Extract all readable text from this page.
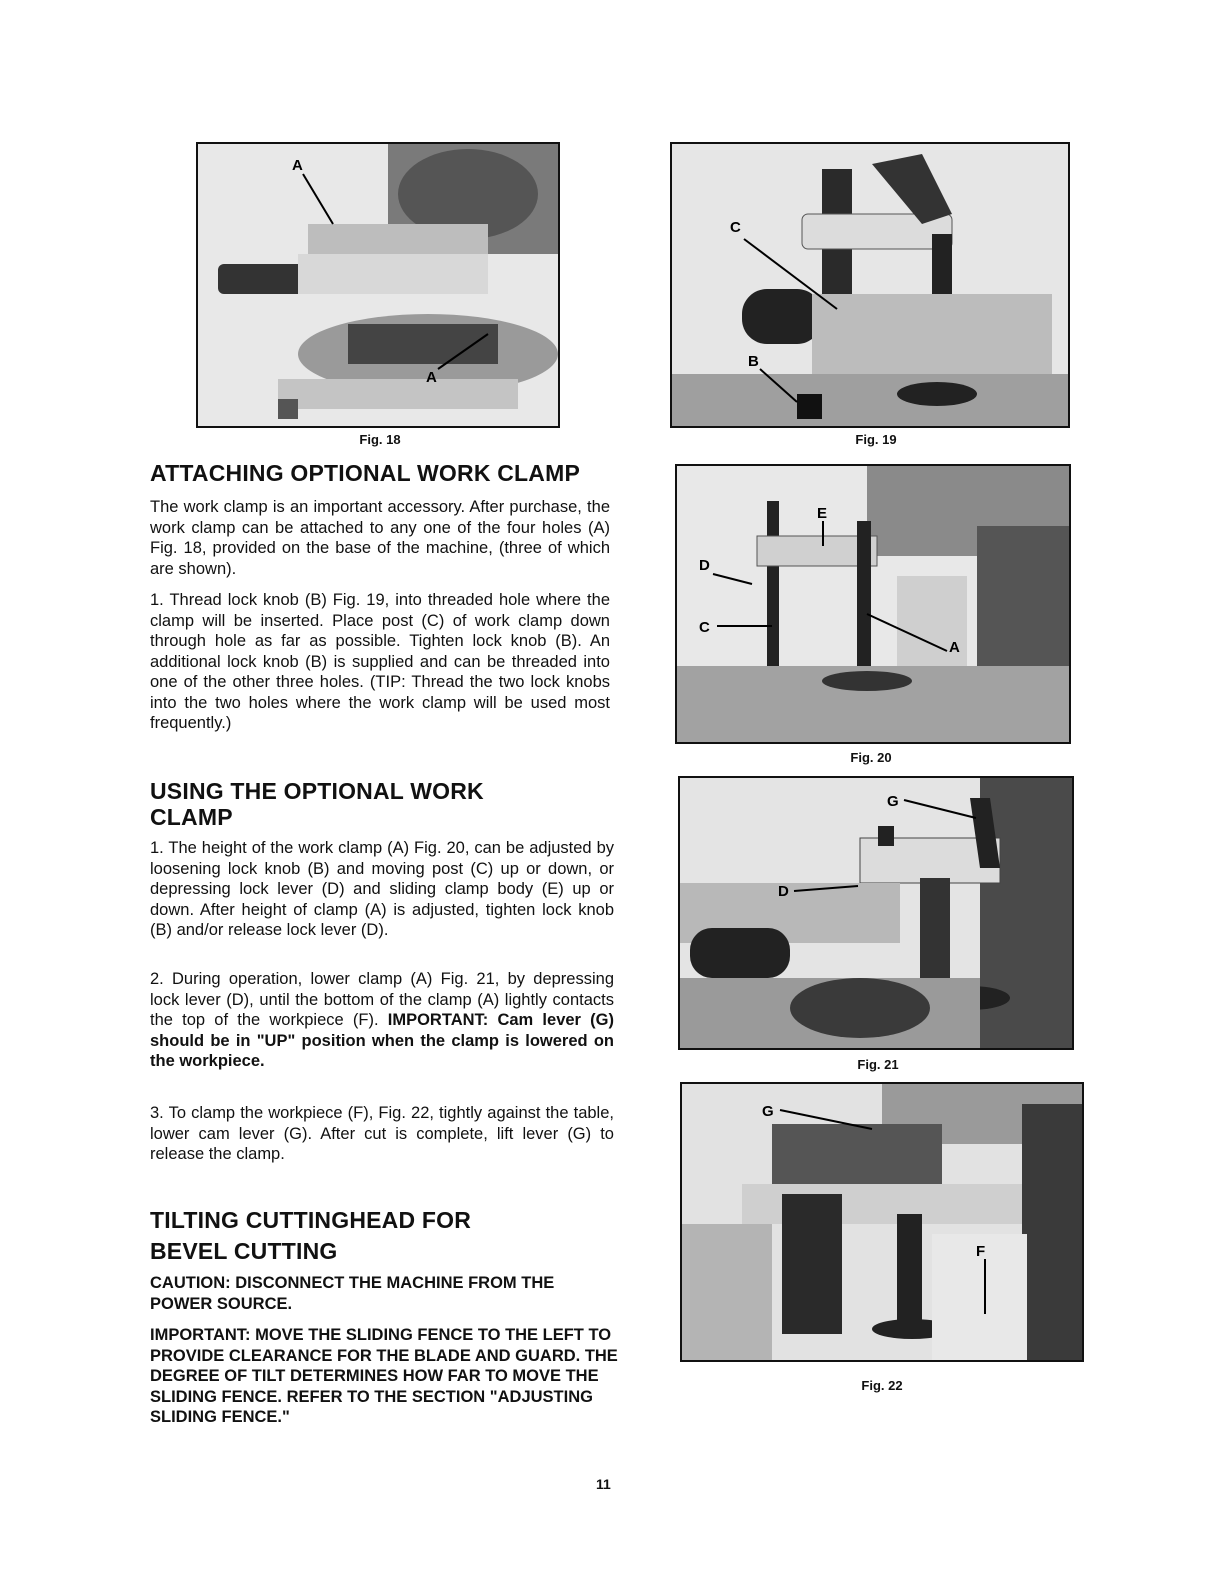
A
A
Fig. 18
C
B
Fig. 19
ATTACHING OPTIONAL WORK CLAMP

The work clamp is an important accessory. After purchase, the work clamp can be attached to any one of the four holes (A) Fig. 18, provided on the base of the machine, (three of which are shown).

1. Thread lock knob (B) Fig. 19, into threaded hole where the clamp will be inserted. Place post (C) of work clamp down through hole as far as possible. Tighten lock knob (B). An additional lock knob (B) is supplied and can be threaded into one of the other three holes. (TIP: Thread the two lock knobs into the two holes where the work clamp will be used most frequently.)

E
D
C
A
Fig. 20
USING THE OPTIONAL WORK
CLAMP

1. The height of the work clamp (A) Fig. 20, can be adjusted by loosening lock knob (B) and moving post (C) up or down, or depressing lock lever (D) and sliding clamp body (E) up or down. After height of clamp (A) is adjusted, tighten lock knob (B) and/or release lock lever (D).

2. During operation, lower clamp (A) Fig. 21, by depressing lock lever (D), until the bottom of the clamp (A) lightly contacts the top of the workpiece (F). IMPORTANT: Cam lever (G) should be in "UP" position when the clamp is lowered on the workpiece.

3. To clamp the workpiece (F), Fig. 22, tightly against the table, lower cam lever (G). After cut is complete, lift lever (G) to release the clamp.

G
D
Fig. 21
G
F
Fig. 22
TILTING CUTTINGHEAD FOR
BEVEL CUTTING

CAUTION: DISCONNECT THE MACHINE FROM THE POWER SOURCE.

IMPORTANT: MOVE THE SLIDING FENCE TO THE LEFT TO PROVIDE CLEARANCE FOR THE BLADE AND GUARD. THE DEGREE OF TILT DETERMINES HOW FAR TO MOVE THE SLIDING FENCE. REFER TO THE SECTION "ADJUSTING SLIDING FENCE."

11
